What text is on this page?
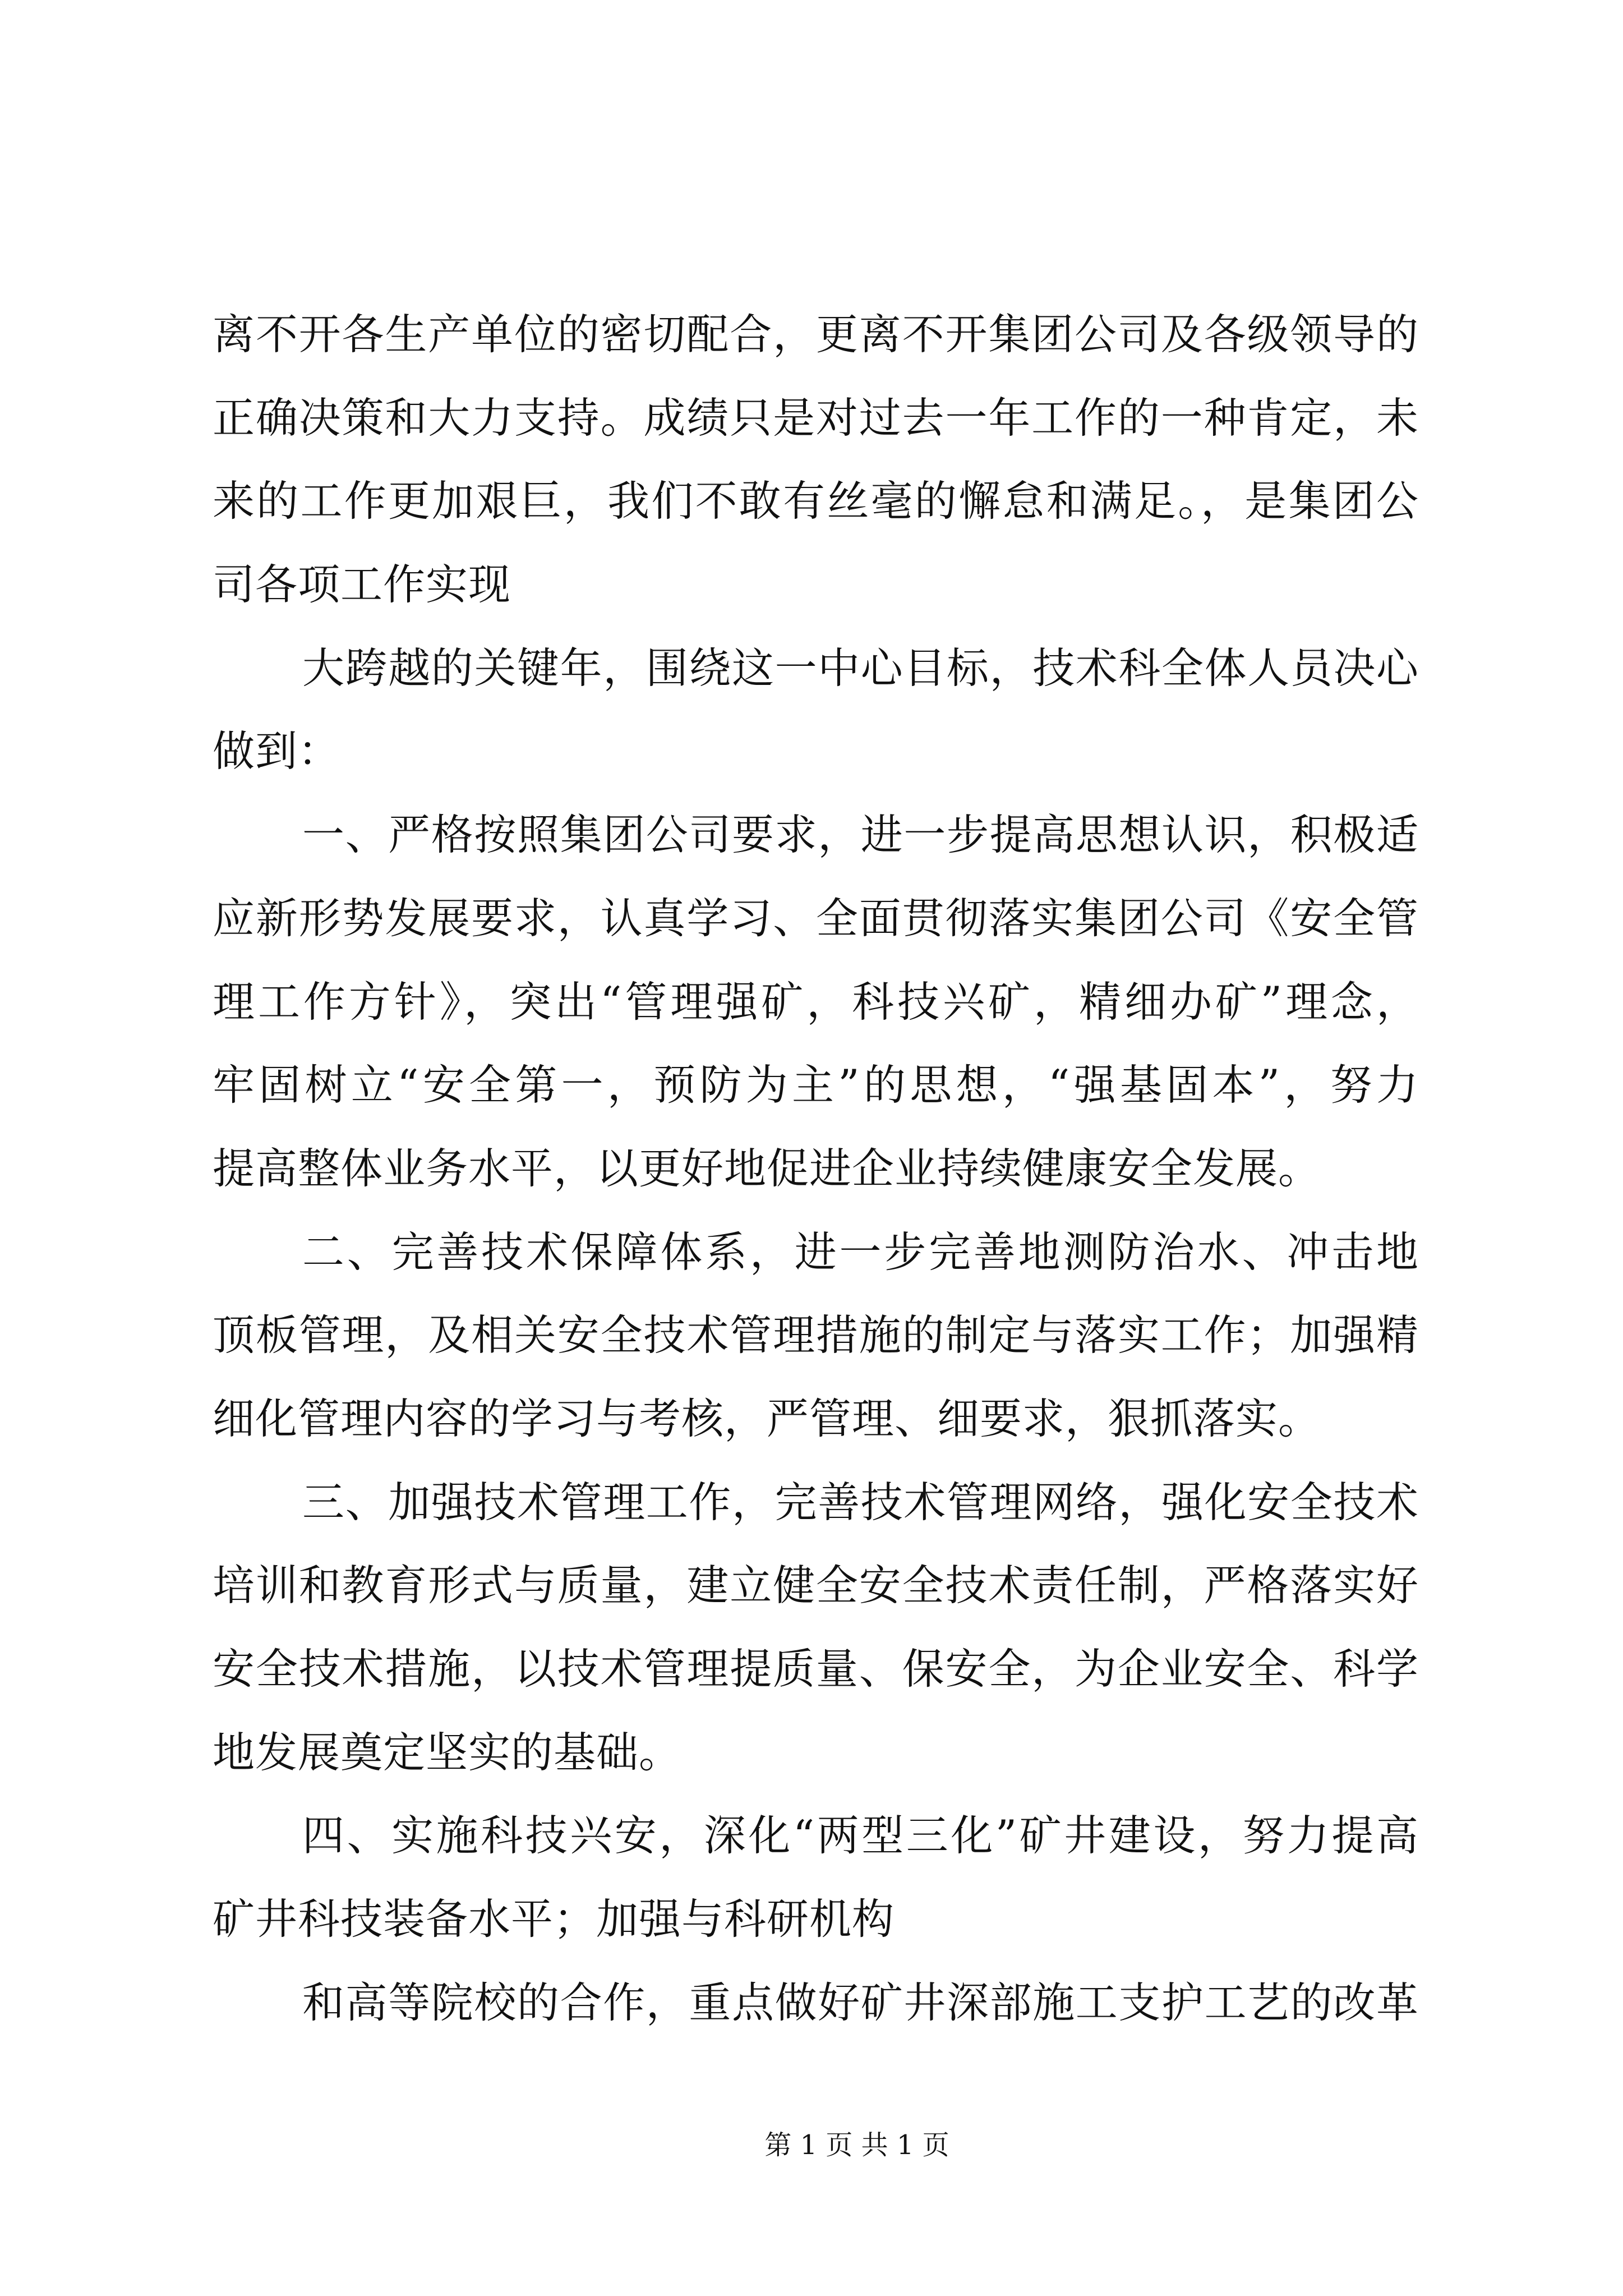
离不开各生产单位的密切配合，更离不开集团公司及各级领导的
正确决策和大力支持。成绩只是对过去一年工作的一种肯定，未
来的工作更加艰巨，我们不敢有丝毫的懈怠和满足。，是集团公
司各项工作实现
大跨越的关键年，围绕这一中心目标，技术科全体人员决心
做到：
一、严格按照集团公司要求，进一步提高思想认识，积极适
应新形势发展要求，认真学习、全面贯彻落实集团公司《安全管
理工作方针》，突出“管理强矿，科技兴矿，精细办矿”理念，
牢固树立“安全第一，预防为主”的思想，“强基固本”，努力
提高整体业务水平，以更好地促进企业持续健康安全发展。
二、完善技术保障体系，进一步完善地测防治水、冲击地
顶板管理，及相关安全技术管理措施的制定与落实工作；加强精
细化管理内容的学习与考核，严管理、细要求，狠抓落实。
三、加强技术管理工作，完善技术管理网络，强化安全技术
培训和教育形式与质量，建立健全安全技术责任制，严格落实好
安全技术措施，以技术管理提质量、保安全，为企业安全、科学
地发展奠定坚实的基础。
四、实施科技兴安，深化“两型三化”矿井建设，努力提高
矿井科技装备水平；加强与科研机构
和高等院校的合作，重点做好矿井深部施工支护工艺的改革
第 1 页 共 1 页
